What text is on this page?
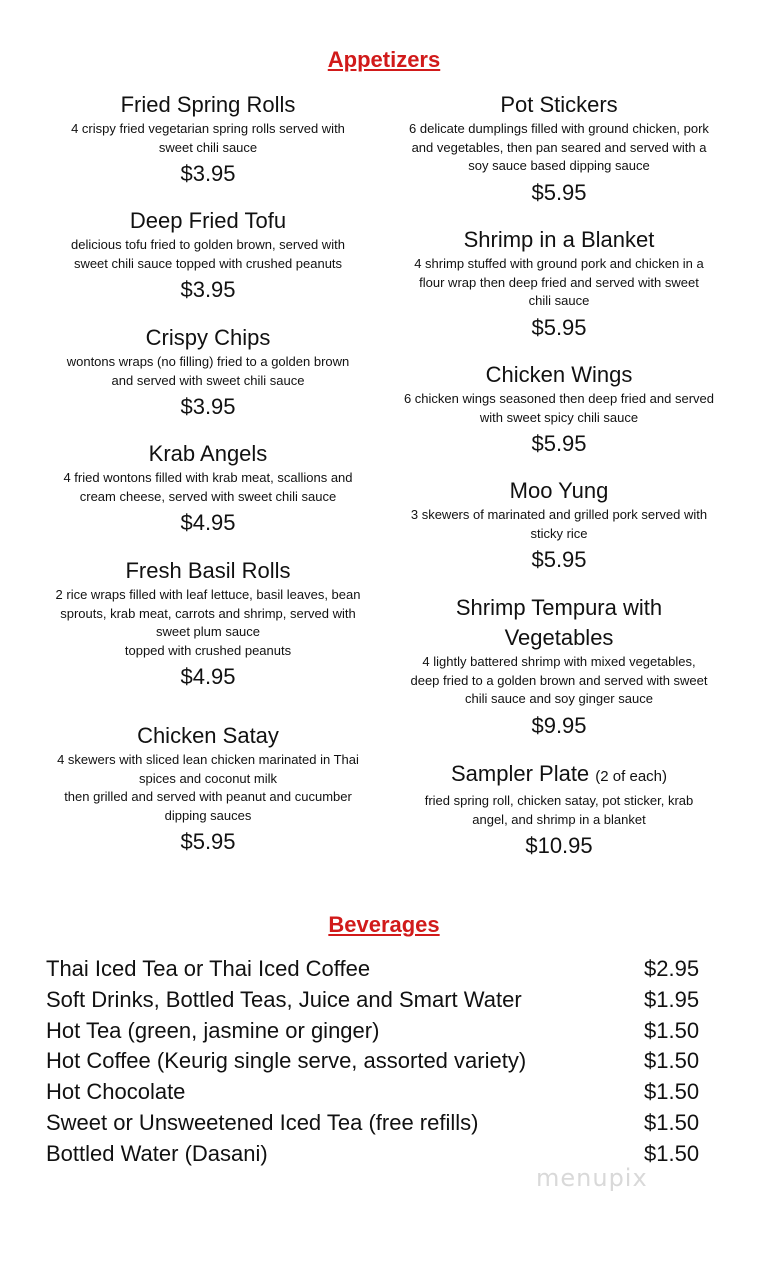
Appetizers
Fried Spring Rolls
4 crispy fried vegetarian spring rolls served with
sweet chili sauce
$3.95
Deep Fried Tofu
delicious tofu fried to golden brown, served with
sweet chili sauce topped with crushed peanuts
$3.95
Crispy Chips
wontons wraps (no filling) fried to a golden brown
and served with sweet chili sauce
$3.95
Krab Angels
4 fried wontons filled with krab meat, scallions and
cream cheese, served with sweet chili sauce
$4.95
Fresh Basil Rolls
2 rice wraps filled with leaf lettuce, basil leaves, bean
sprouts, krab meat, carrots and shrimp, served with
sweet plum sauce
topped with crushed peanuts
$4.95
Chicken Satay
4 skewers with sliced lean chicken marinated in Thai
spices and coconut milk
then grilled and served with peanut and cucumber
dipping sauces
$5.95
Pot Stickers
6 delicate dumplings filled with ground chicken, pork
and vegetables, then pan seared and served with a
soy sauce based dipping sauce
$5.95
Shrimp in a Blanket
4 shrimp stuffed with ground pork and chicken in a
flour wrap then deep fried and served with sweet
chili sauce
$5.95
Chicken Wings
6 chicken wings seasoned then deep fried and served
with sweet spicy chili sauce
$5.95
Moo Yung
3 skewers of marinated and grilled pork served with
sticky rice
$5.95
Shrimp Tempura with
Vegetables
4 lightly battered shrimp with mixed vegetables,
deep fried to a golden brown and served with sweet
chili sauce and soy ginger sauce
$9.95
Sampler Plate (2 of each)
fried spring roll, chicken satay, pot sticker, krab
angel, and shrimp in a blanket
$10.95
Beverages
Thai Iced Tea or Thai Iced Coffee	$2.95
Soft Drinks, Bottled Teas, Juice and Smart Water	$1.95
Hot Tea (green, jasmine or ginger)	$1.50
Hot Coffee (Keurig single serve, assorted variety)	$1.50
Hot Chocolate	$1.50
Sweet or Unsweetened Iced Tea (free refills)	$1.50
Bottled Water (Dasani)	$1.50
menupix
